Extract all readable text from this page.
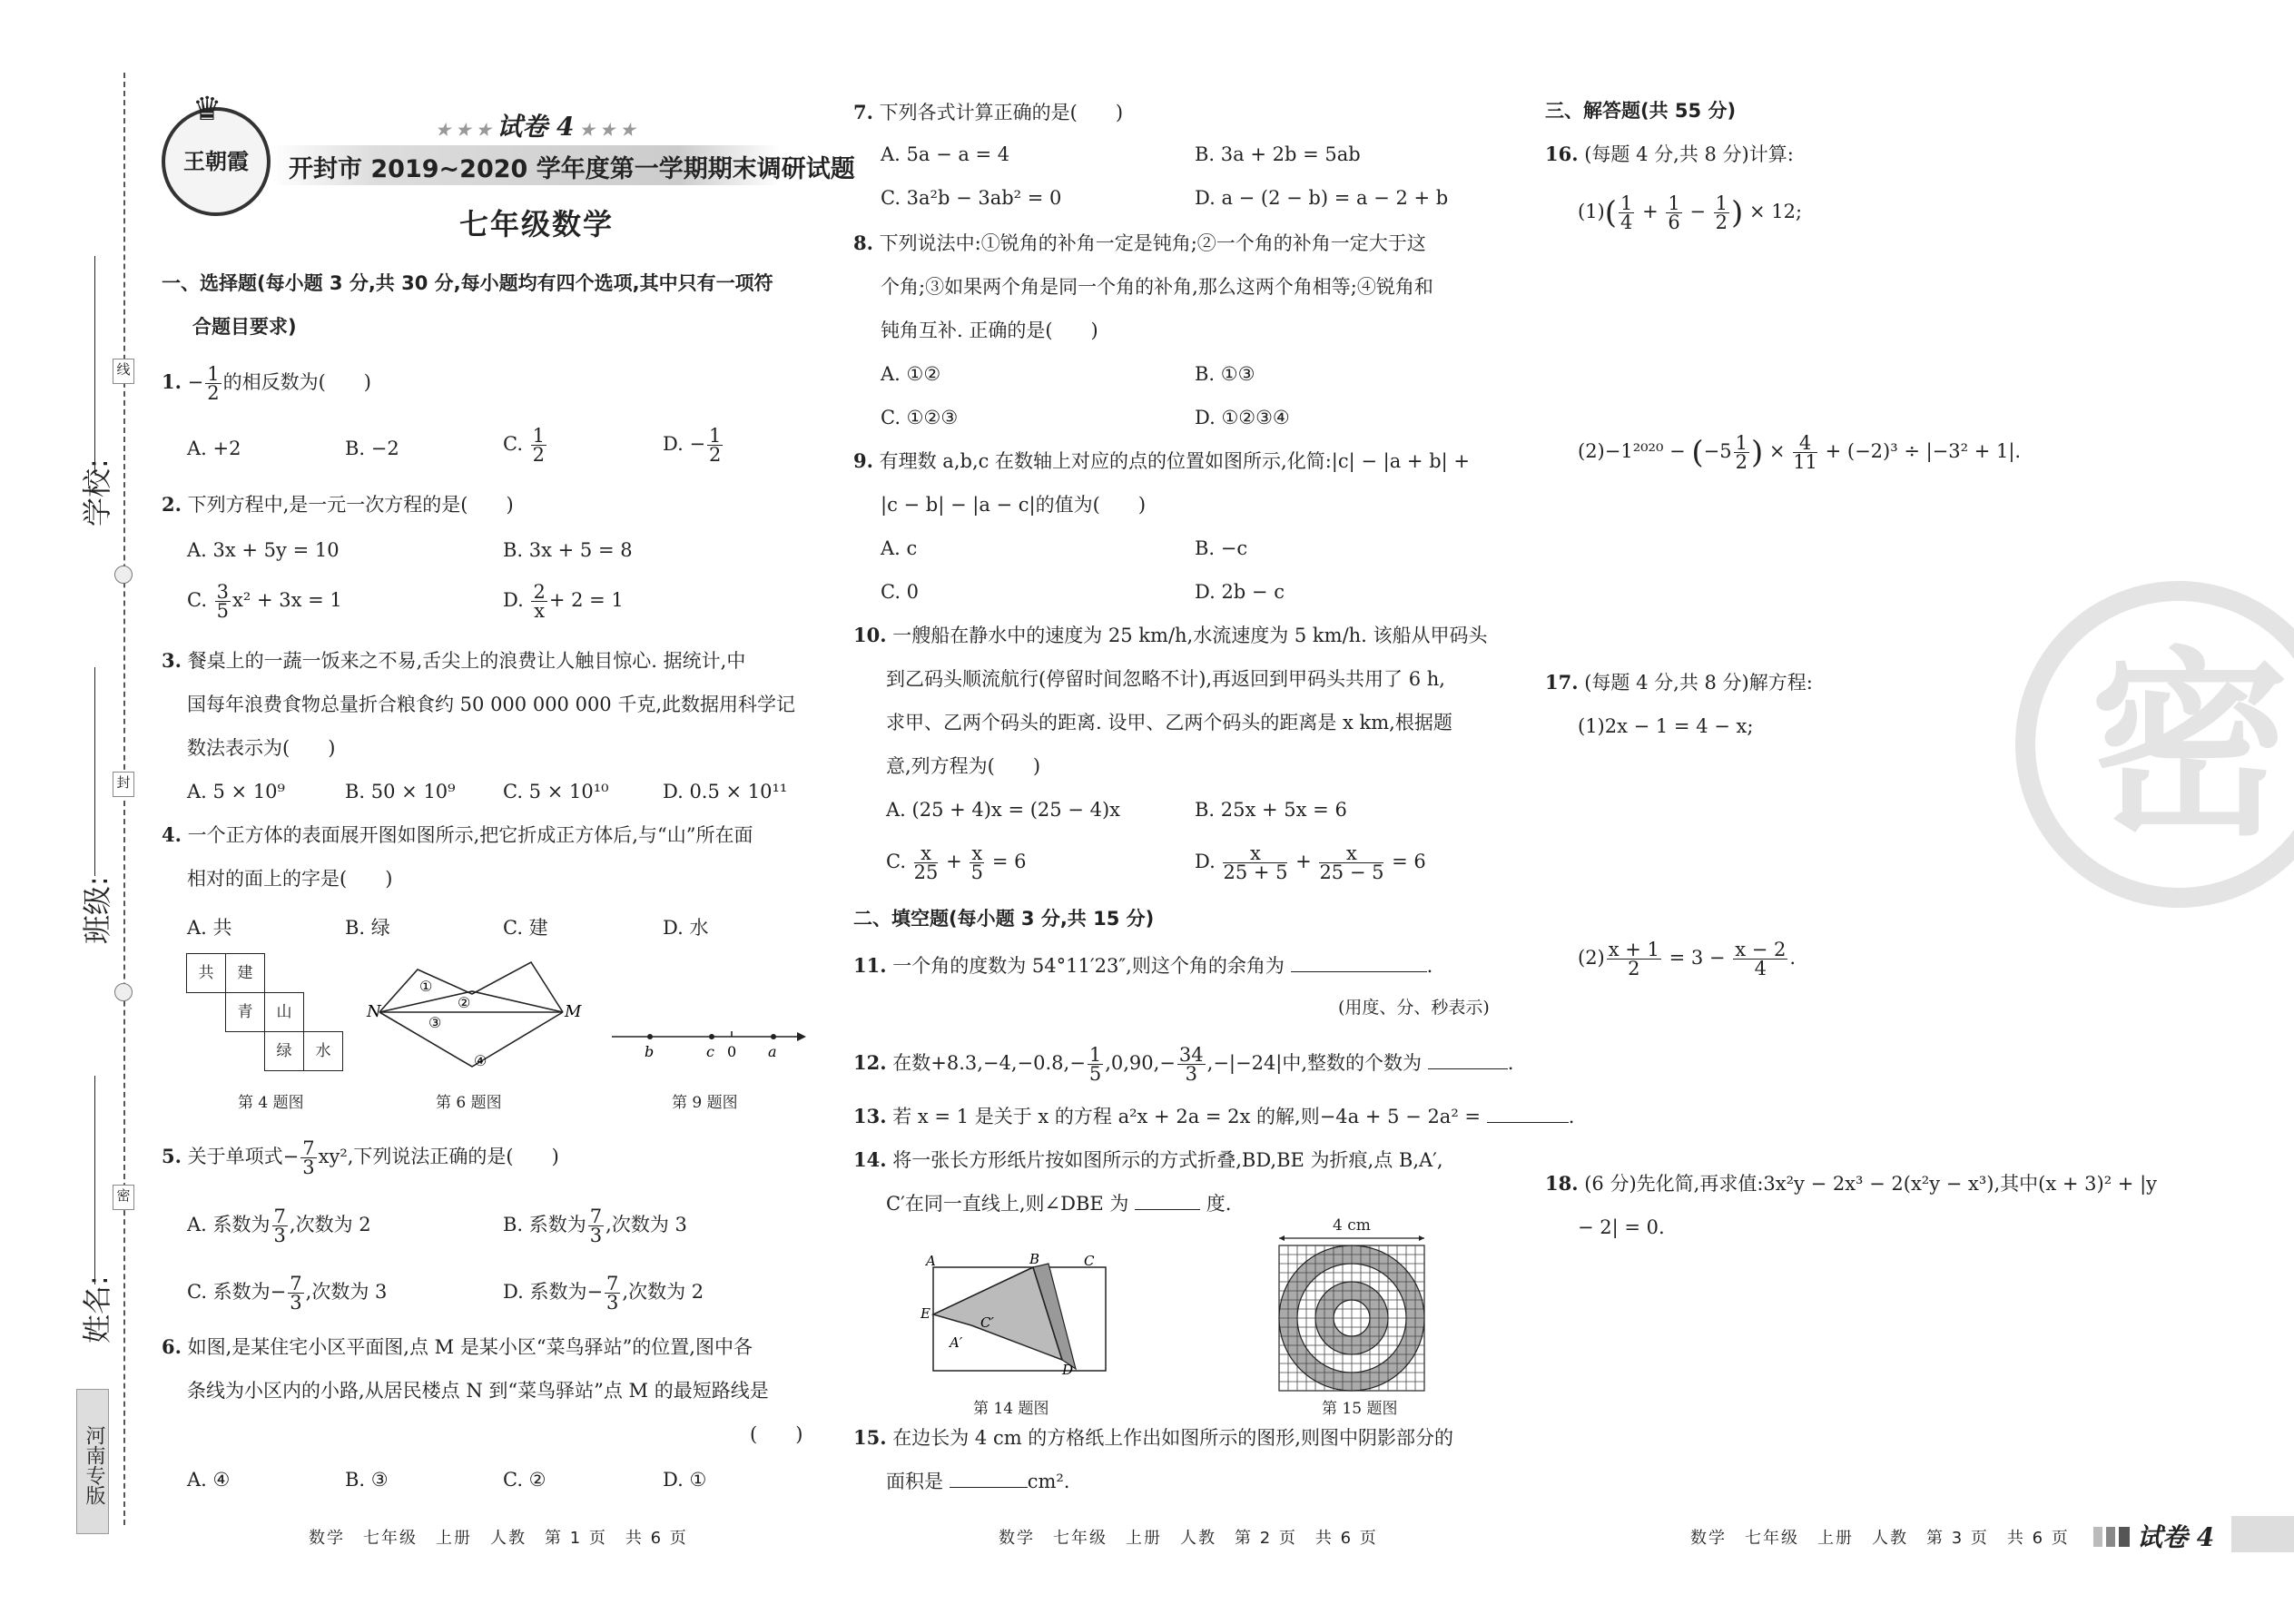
学校:
班级:
姓名:
线
封
密
河南专版
♛
王朝霞
★ ★ ★ 试卷 4 ★ ★ ★
开封市 2019~2020 学年度第一学期期末调研试题
七年级数学
一、选择题(每小题 3 分,共 30 分,每小题均有四个选项,其中只有一项符
合题目要求)
1. − $\frac{1}{2}$ 的相反数为(　　)
A. +2	B. −2	C. $\frac{1}{2}$	D. − $\frac{1}{2}$
2. 下列方程中,是一元一次方程的是(　　)
A. 3x + 5y = 10	B. 3x + 5 = 8
C. $\frac{3}{5} x^2 + 3x = 1$	D. $\frac{2}{x} + 2 = 1$
3. 餐桌上的一蔬一饭来之不易,舌尖上的浪费让人触目惊心. 据统计,中
国每年浪费食物总量折合粮食约 50 000 000 000 千克,此数据用科学记
数法表示为(　　)
A. 5 × 10⁹	B. 50 × 10⁹ C. 5 × 10¹⁰	D. 0.5 × 10¹¹
4. 一个正方体的表面展开图如图所示,把它折成正方体后,与“山”所在面
相对的面上的字是(　　)
A. 共	B. 绿	C. 建	D. 水
共	建
青	山
绿	水
第 4 题图
N	M
①
②
③
④
第 6 题图
b	c 0 a
第 9 题图
5. 关于单项式− $\frac{7}{3} xy^2$,下列说法正确的是(　　)
A. 系数为 $\frac{7}{3}$ ,次数为 2	B. 系数为 $\frac{7}{3}$ ,次数为 3
C. 系数为− $\frac{7}{3}$ ,次数为 3	D. 系数为− $\frac{7}{3}$ ,次数为 2
6. 如图,是某住宅小区平面图,点 M 是某小区“菜鸟驿站”的位置,图中各
条线为小区内的小路,从居民楼点 N 到“菜鸟驿站”点 M 的最短路线是
(　　)
A. ④	B. ③	C. ②	D. ①
数学　七年级　上册　人教　第 1 页　共 6 页
7. 下列各式计算正确的是(　　)
A. 5a − a = 4	B. 3a + 2b = 5ab
C. 3a²b − 3ab² = 0	D. a − (2 − b) = a − 2 + b
8. 下列说法中:①锐角的补角一定是钝角;②一个角的补角一定大于这
个角;③如果两个角是同一个角的补角,那么这两个角相等;④锐角和
钝角互补. 正确的是(　　)
A. ①②	B. ①③
C. ①②③	D. ①②③④
9. 有理数 a,b,c 在数轴上对应的点的位置如图所示,化简:|c| − |a + b| +
|c − b| − |a − c|的值为(　　)
A. c	B. −c
C. 0	D. 2b − c
10. 一艘船在静水中的速度为 25 km/h,水流速度为 5 km/h. 该船从甲码头
到乙码头顺流航行(停留时间忽略不计),再返回到甲码头共用了 6 h,
求甲、乙两个码头的距离. 设甲、乙两个码头的距离是 x km,根据题
意,列方程为(　　)
A. (25 + 4)x = (25 − 4)x	B. 25x + 5x = 6
C. $\frac{x}{25} + \frac{x}{5} = 6$	D. $\frac{x}{25 + 5} + \frac{x}{25 - 5} = 6$
二、填空题(每小题 3 分,共 15 分)
11. 一个角的度数为 54°11′23″,则这个角的余角为	.
(用度、分、秒表示)
12. 在数$+8.3,-4,-0.8,- \frac{1}{5} ,0,90,- \frac{34}{3} ,-|-24|$中,整数的个数为	.
13. 若 x = 1 是关于 x 的方程 a²x + 2a = 2x 的解,则−4a + 5 − 2a² =	.
14. 将一张长方形纸片按如图所示的方式折叠,BD,BE 为折痕,点 B,A′,
C′在同一直线上,则∠DBE 为	度.
A	B	C
E
A′
C′
D
第 14 题图
4 cm
第 15 题图
15. 在边长为 4 cm 的方格纸上作出如图所示的图形,则图中阴影部分的
面积是	cm².
数学　七年级　上册　人教　第 2 页　共 6 页
密
三、解答题(共 55 分)
16. (每题 4 分,共 8 分)计算:
$(1)( \frac{1}{4} + \frac{1}{6} - \frac{1}{2}$ ) × 12;
$(2)-1^{2020} - (-5 \frac{1}{2}$ ) × $\frac{4}{11} + (-2)^3 \div |-3^2 + 1|$.
17. (每题 4 分,共 8 分)解方程:
(1)2x − 1 = 4 − x;
$(2) \frac{x + 1}{2} = 3 - \frac{x - 2}{4}$ .
18. (6 分)先化简,再求值:3x²y − 2x³ − 2(x²y − x³),其中(x + 3)² + |y
− 2| = 0.
数学　七年级　上册　人教　第 3 页　共 6 页	试卷 4
